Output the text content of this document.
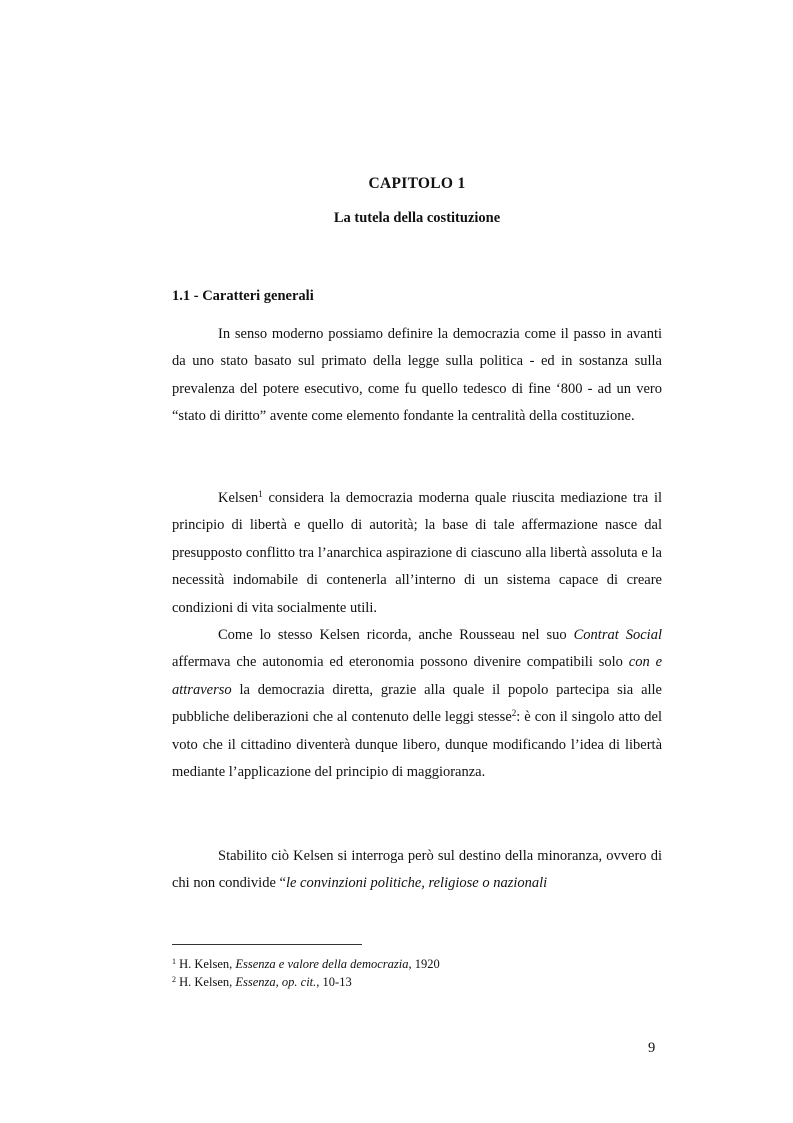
CAPITOLO 1
La tutela della costituzione
1.1 - Caratteri generali

In senso moderno possiamo definire la democrazia come il passo in avanti da uno stato basato sul primato della legge sulla politica - ed in sostanza sulla prevalenza del potere esecutivo, come fu quello tedesco di fine ‘800 - ad un vero “stato di diritto” avente come elemento fondante la centralità della costituzione.

Kelsen$^1$ considera la democrazia moderna quale riuscita mediazione tra il principio di libertà e quello di autorità; la base di tale affermazione nasce dal presupposto conflitto tra l’anarchica aspirazione di ciascuno alla libertà assoluta e la necessità indomabile di contenerla all’interno di un sistema capace di creare condizioni di vita socialmente utili.

Come lo stesso Kelsen ricorda, anche Rousseau nel suo Contrat Social affermava che autonomia ed eteronomia possono divenire compatibili solo con e attraverso la democrazia diretta, grazie alla quale il popolo partecipa sia alle pubbliche deliberazioni che al contenuto delle leggi stesse$^2$: è con il singolo atto del voto che il cittadino diventerà dunque libero, dunque modificando l’idea di libertà mediante l’applicazione del principio di maggioranza.

Stabilito ciò Kelsen si interroga però sul destino della minoranza, ovvero di chi non condivide “le convinzioni politiche, religiose o nazionali

$^1$ H. Kelsen, Essenza e valore della democrazia, 1920
$^2$ H. Kelsen, Essenza, op. cit., 10-13
9
